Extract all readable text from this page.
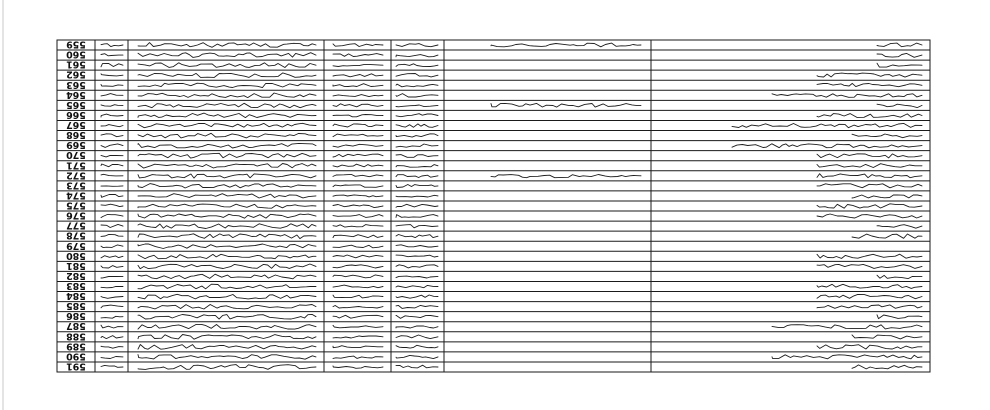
591
590
589
588
587
586
585
584
583
582
581
580
579
578
577
576
575
574
573
572
571
570
569
568
567
566
565
564
563
562
561
560
559
